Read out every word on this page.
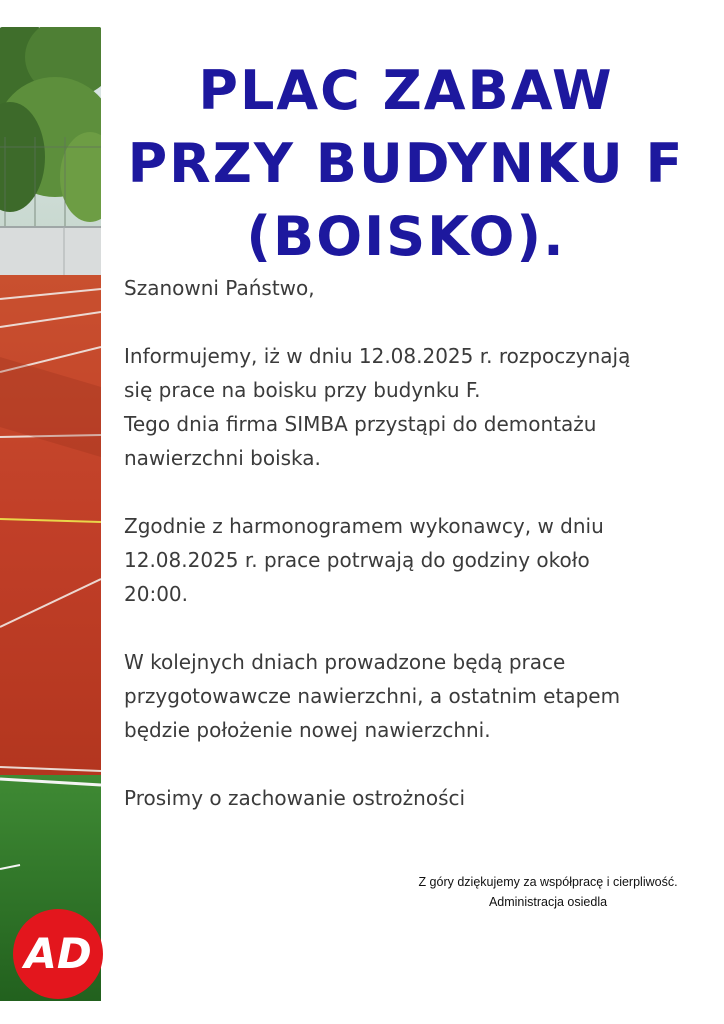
AD
PLAC ZABAW
PRZY BUDYNKU F
(BOISKO).

Szanowni Państwo,

Informujemy, iż w dniu 12.08.2025 r. rozpoczynają
się prace na boisku przy budynku F.
Tego dnia firma SIMBA przystąpi do demontażu
nawierzchni boiska.

Zgodnie z harmonogramem wykonawcy, w dniu
12.08.2025 r. prace potrwają do godziny około
20:00.

W kolejnych dniach prowadzone będą prace
przygotowawcze nawierzchni, a ostatnim etapem
będzie położenie nowej nawierzchni.

Prosimy o zachowanie ostrożności

Z góry dziękujemy za współpracę i cierpliwość.
Administracja osiedla
